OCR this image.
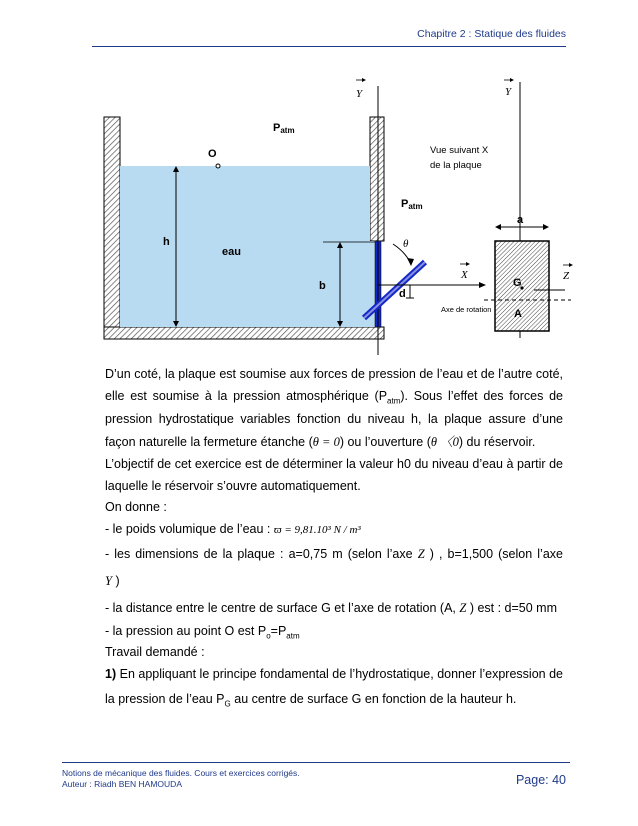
Chapitre 2 : Statique des fluides
Y	Y
Patm
Patm
O
eau
h
b
d
θ
X	Z
Vue suivant X
de la plaque
a
G
A
Axe de rotation
D’un coté, la plaque est soumise aux forces de pression de l’eau et de l’autre coté,
elle est soumise à la pression atmosphérique $(P_{atm})$. Sous l’effet des forces de
pression hydrostatique variables fonction du niveau h, la plaque assure d’une
façon naturelle la fermeture étanche (θ = 0) ou l’ouverture (θ 〈0) du réservoir.
L’objectif de cet exercice est de déterminer la valeur h0 du niveau d’eau à partir de
laquelle le réservoir s’ouvre automatiquement.
On donne :
- le poids volumique de l’eau : ϖ = 9,81.10³ N / m³
- les dimensions de la plaque : a=0,75 m (selon l’axe Z ) , b=1,500 (selon l’axe
Y )
- la distance entre le centre de surface G et l’axe de rotation (A, Z ) est : d=50 mm
- la pression au point O est $P_o=P_{atm}$
Travail demandé :
1) En appliquant le principe fondamental de l’hydrostatique, donner l’expression de
la pression de l’eau $P_G$ au centre de surface G en fonction de la hauteur h.
Notions de mécanique des fluides. Cours et exercices corrigés.
Auteur : Riadh BEN HAMOUDA	Page: 40
